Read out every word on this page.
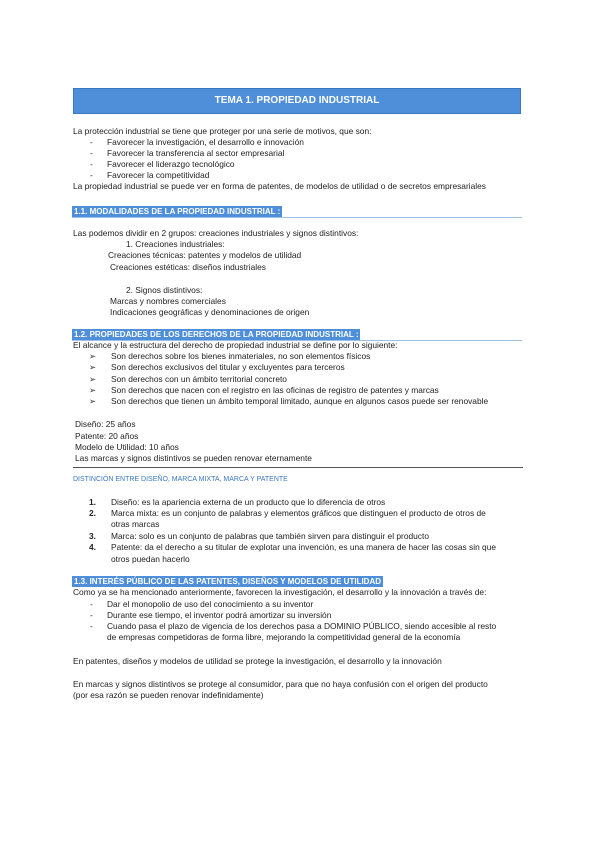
TEMA 1. PROPIEDAD INDUSTRIAL
La protección industrial se tiene que proteger por una serie de motivos, que son:
- Favorecer la investigación, el desarrollo e innovación
- Favorecer la transferencia al sector empresarial
- Favorecer el liderazgo tecnológico
- Favorecer la competitividad
La propiedad industrial se puede ver en forma de patentes, de modelos de utilidad o de secretos empresariales
1.1. MODALIDADES DE LA PROPIEDAD INDUSTRIAL :
Las podemos dividir en 2 grupos: creaciones industriales y signos distintivos:
1. Creaciones industriales:
Creaciones técnicas: patentes y modelos de utilidad
Creaciones estéticas: diseños industriales
2. Signos distintivos:
Marcas y nombres comerciales
Indicaciones geográficas y denominaciones de origen
1.2. PROPIEDADES DE LOS DERECHOS DE LA PROPIEDAD INDUSTRIAL :
El alcance y la estructura del derecho de propiedad industrial se define por lo siguiente:
➢ Son derechos sobre los bienes inmateriales, no son elementos físicos
➢ Son derechos exclusivos del titular y excluyentes para terceros
➢ Son derechos con un ámbito territorial concreto
➢ Son derechos que nacen con el registro en las oficinas de registro de patentes y marcas
➢ Son derechos que tienen un ámbito temporal limitado, aunque en algunos casos puede ser renovable
Diseño: 25 años
Patente: 20 años
Modelo de Utilidad: 10 años
Las marcas y signos distintivos se pueden renovar eternamente
DISTINCIÓN ENTRE DISEÑO, MARCA MIXTA, MARCA Y PATENTE
1. Diseño: es la apariencia externa de un producto que lo diferencia de otros
2. Marca mixta: es un conjunto de palabras y elementos gráficos que distinguen el producto de otros de
otras marcas
3. Marca: solo es un conjunto de palabras que también sirven para distinguir el producto
4. Patente: da el derecho a su titular de explotar una invención, es una manera de hacer las cosas sin que
otros puedan hacerlo
1.3. INTERÉS PÚBLICO DE LAS PATENTES, DISEÑOS Y MODELOS DE UTILIDAD
Como ya se ha mencionado anteriormente, favorecen la investigación, el desarrollo y la innovación a través de:
- Dar el monopolio de uso del conocimiento a su inventor
- Durante ese tiempo, el inventor podrá amortizar su inversión
- Cuando pasa el plazo de vigencia de los derechos pasa a DOMINIO PÚBLICO, siendo accesible al resto
de empresas competidoras de forma libre, mejorando la competitividad general de la economía
En patentes, diseños y modelos de utilidad se protege la investigación, el desarrollo y la innovación
En marcas y signos distintivos se protege al consumidor, para que no haya confusión con el origen del producto
(por esa razón se pueden renovar indefinidamente)
